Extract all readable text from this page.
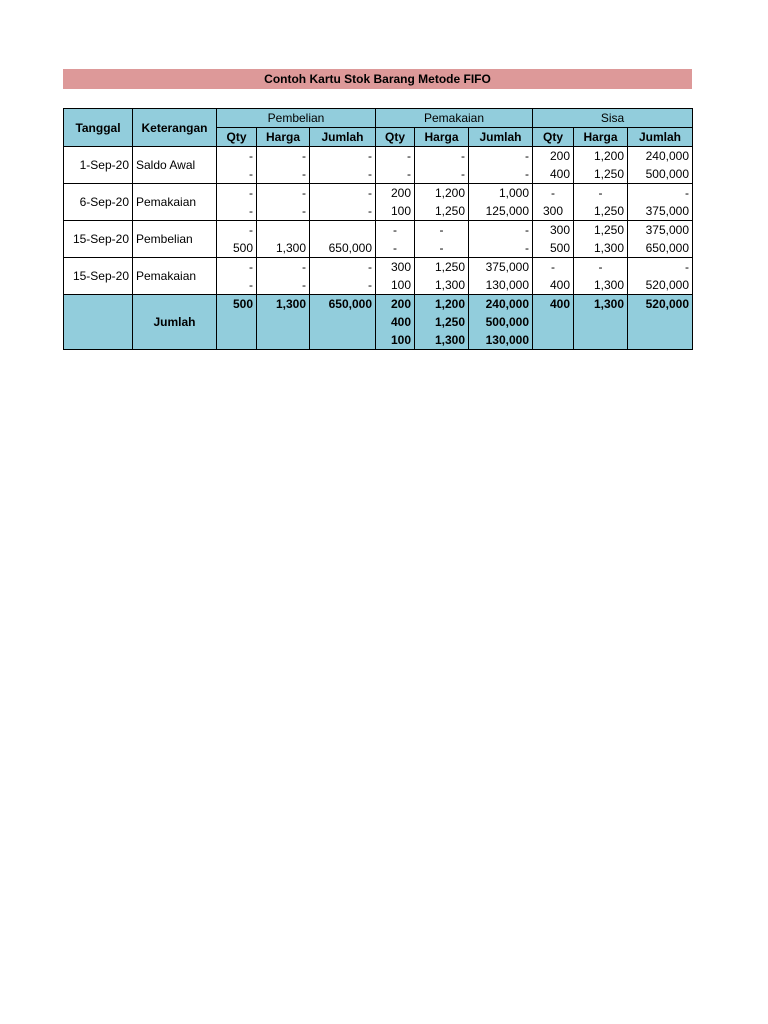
Contoh Kartu Stok Barang Metode FIFO
Tanggal	Keterangan	Pembelian			Pemakaian			Sisa		
		Qty	Harga	Jumlah	Qty	Harga	Jumlah	Qty	Harga	Jumlah
1-Sep-20	Saldo Awal	-	-	-	-	-	-	200	1,200	240,000
		-	-	-	-	-	-	400	1,250	500,000
6-Sep-20	Pemakaian	-	-	-	200	1,200	1,000	-	-	-
		-	-	-	100	1,250	125,000	300	1,250	375,000
15-Sep-20	Pembelian	-			-	-	-	300	1,250	375,000
		500	1,300	650,000	-	-	-	500	1,300	650,000
15-Sep-20	Pemakaian	-	-	-	300	1,250	375,000	-	-	-
		-	-	-	100	1,300	130,000	400	1,300	520,000
	Jumlah	500	1,300	650,000	200	1,200	240,000	400	1,300	520,000
					400	1,250	500,000			
					100	1,300	130,000			
